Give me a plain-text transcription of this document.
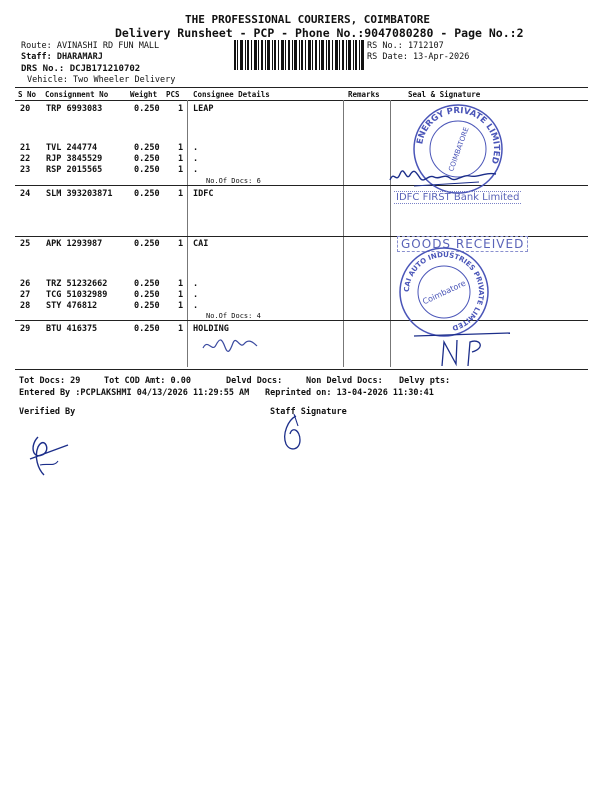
THE PROFESSIONAL COURIERS, COIMBATORE
Delivery Runsheet - PCP - Phone No.:9047080280 - Page No.:2
Route: AVINASHI RD FUN MALL
Staff: DHARAMARJ
DRS No.: DCJB171210702
Vehicle: Two Wheeler Delivery
RS No.: 1712107
RS Date: 13-Apr-2026
S No Consignment No	Weight PCS Consignee Details	Remarks	Seal & Signature
20 TRP 6993083	0.250 1 LEAP
21 TVL 244774	0.250 1 .
22 RJP 3845529	0.250 1 .
23 RSP 2015565	0.250 1 .
No.Of Docs: 6
24 SLM 393203871	0.250 1 IDFC
25 APK 1293987	0.250 1 CAI
26 TRZ 51232662	0.250 1 .
27 TCG 51032989	0.250 1 .
28 STY 476812	0.250 1 .
No.Of Docs: 4
29 BTU 416375	0.250 1 HOLDING
ENERGY PRIVATE LIMITED
COIMBATORE
IDFC FIRST Bank Limited
GOODS RECEIVED
CAI AUTO INDUSTRIES PRIVATE LIMITED
Coimbatore
Tot Docs: 29	Tot COD Amt: 0.00	Delvd Docs:	Non Delvd Docs: Delvy pts:
Entered By :PCPLAKSHMI 04/13/2026 11:29:55 AM Reprinted on: 13-04-2026 11:30:41
Verified By	Staff Signature
